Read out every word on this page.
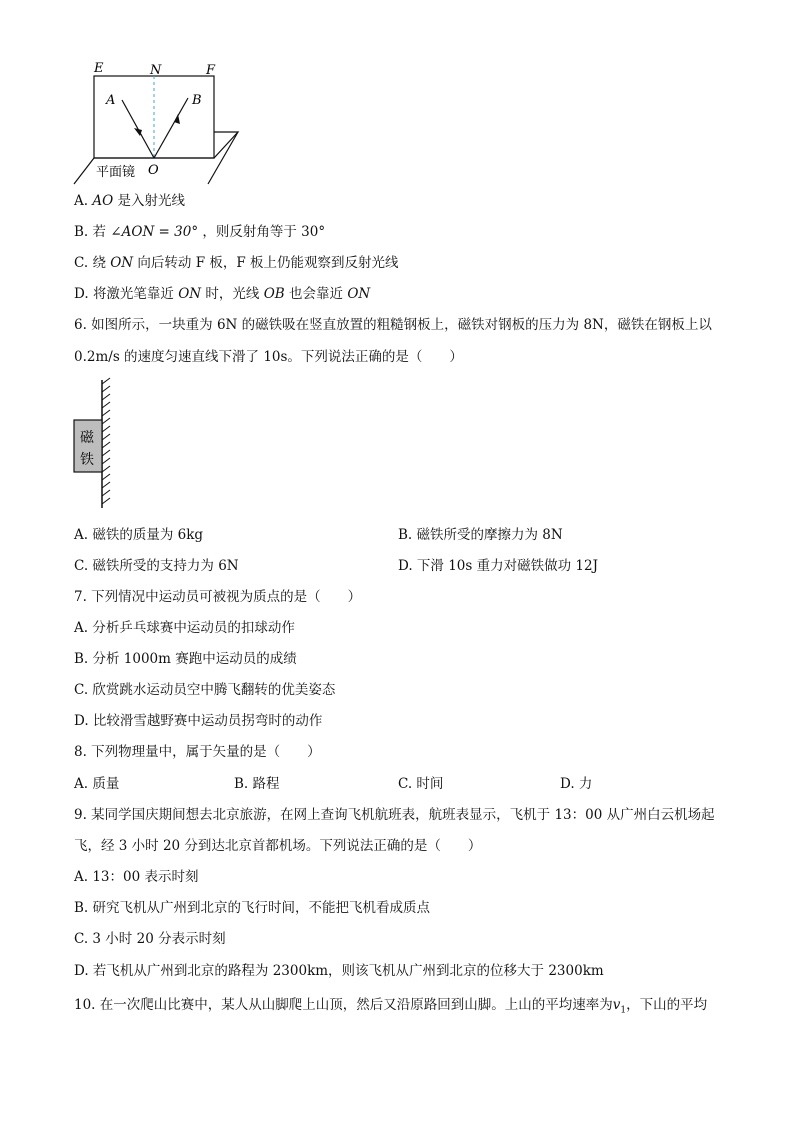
E	N	F
A	B
O
平面镜
A. AO 是入射光线
B. 若 ∠AON = 30° ，则反射角等于 30°
C. 绕 ON 向后转动 F 板，F 板上仍能观察到反射光线
D. 将激光笔靠近 ON 时，光线 OB 也会靠近 ON
6. 如图所示，一块重为 6N 的磁铁吸在竖直放置的粗糙钢板上，磁铁对钢板的压力为 8N，磁铁在钢板上以
0.2m/s 的速度匀速直线下滑了 10s。下列说法正确的是（　　）
磁
铁
A. 磁铁的质量为 6kg	B. 磁铁所受的摩擦力为 8N
C. 磁铁所受的支持力为 6N	D. 下滑 10s 重力对磁铁做功 12J
7. 下列情况中运动员可被视为质点的是（　　）
A. 分析乒乓球赛中运动员的扣球动作
B. 分析 1000m 赛跑中运动员的成绩
C. 欣赏跳水运动员空中腾飞翻转的优美姿态
D. 比较滑雪越野赛中运动员拐弯时的动作
8. 下列物理量中，属于矢量的是（　　）
A. 质量	B. 路程	C. 时间	D. 力
9. 某同学国庆期间想去北京旅游，在网上查询飞机航班表，航班表显示，飞机于 13：00 从广州白云机场起
飞，经 3 小时 20 分到达北京首都机场。下列说法正确的是（　　）
A. 13：00 表示时刻
B. 研究飞机从广州到北京的飞行时间，不能把飞机看成质点
C. 3 小时 20 分表示时刻
D. 若飞机从广州到北京的路程为 2300km，则该飞机从广州到北京的位移大于 2300km
10. 在一次爬山比赛中，某人从山脚爬上山顶，然后又沿原路回到山脚。上山的平均速率为$v_1$，下山的平均
